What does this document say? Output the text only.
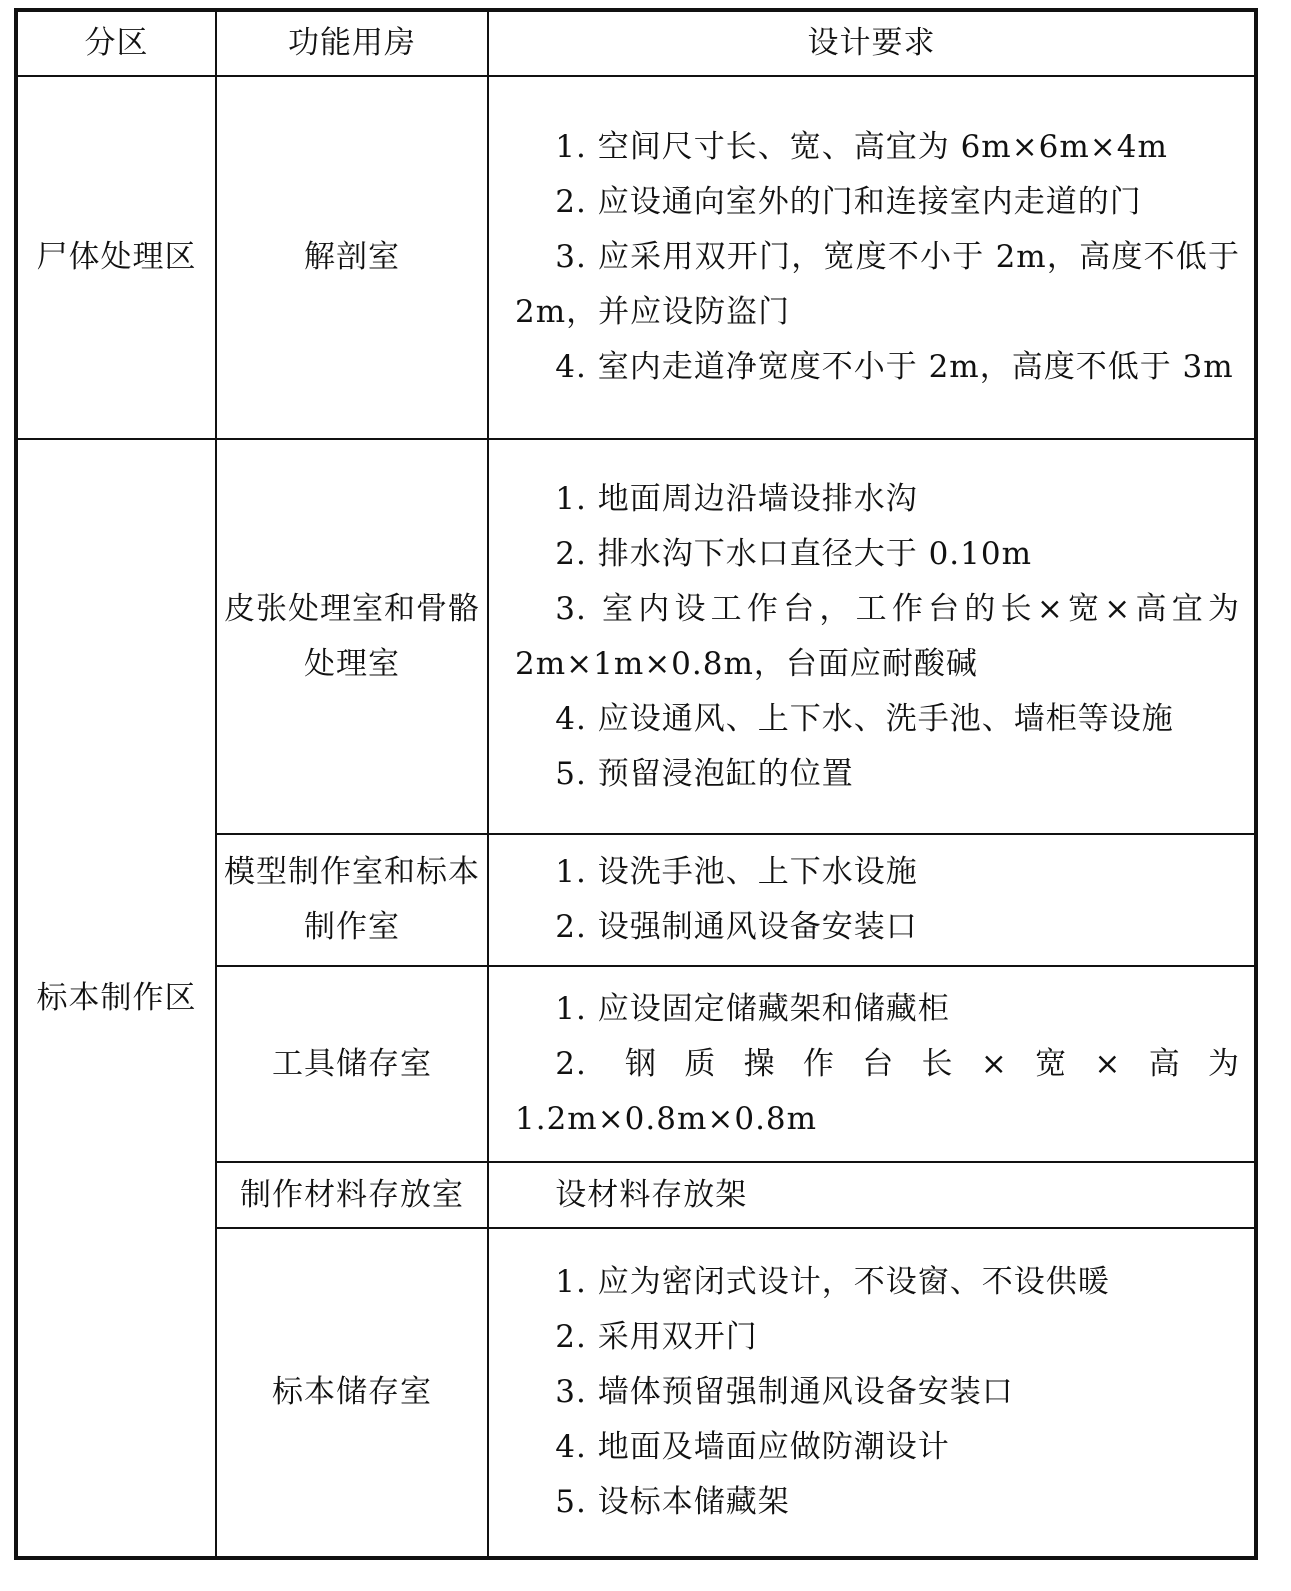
分区	功能用房	设计要求
尸体处理区	解剖室	1. 空间尺寸长、宽、高宜为 6m×6m×4m
2. 应设通向室外的门和连接室内走道的门
3. 应采用双开门，宽度不小于 2m，高度不低于 2m，并应设防盗门
4. 室内走道净宽度不小于 2m，高度不低于 3m

标本制作区	皮张处理室和骨骼处理室	1. 地面周边沿墙设排水沟
2. 排水沟下水口直径大于 0.10m
3. 室内设工作台，工作台的长×宽×高宜为 2m×1m×0.8m，台面应耐酸碱
4. 应设通风、上下水、洗手池、墙柜等设施
5. 预留浸泡缸的位置

	模型制作室和标本制作室	1. 设洗手池、上下水设施
2. 设强制通风设备安装口

	工具储存室	1. 应设固定储藏架和储藏柜
2. 钢质操作台长×宽×高为 1.2m×0.8m×0.8m

	制作材料存放室	设材料存放架

	标本储存室	1. 应为密闭式设计，不设窗、不设供暖
2. 采用双开门
3. 墙体预留强制通风设备安装口
4. 地面及墙面应做防潮设计
5. 设标本储藏架
